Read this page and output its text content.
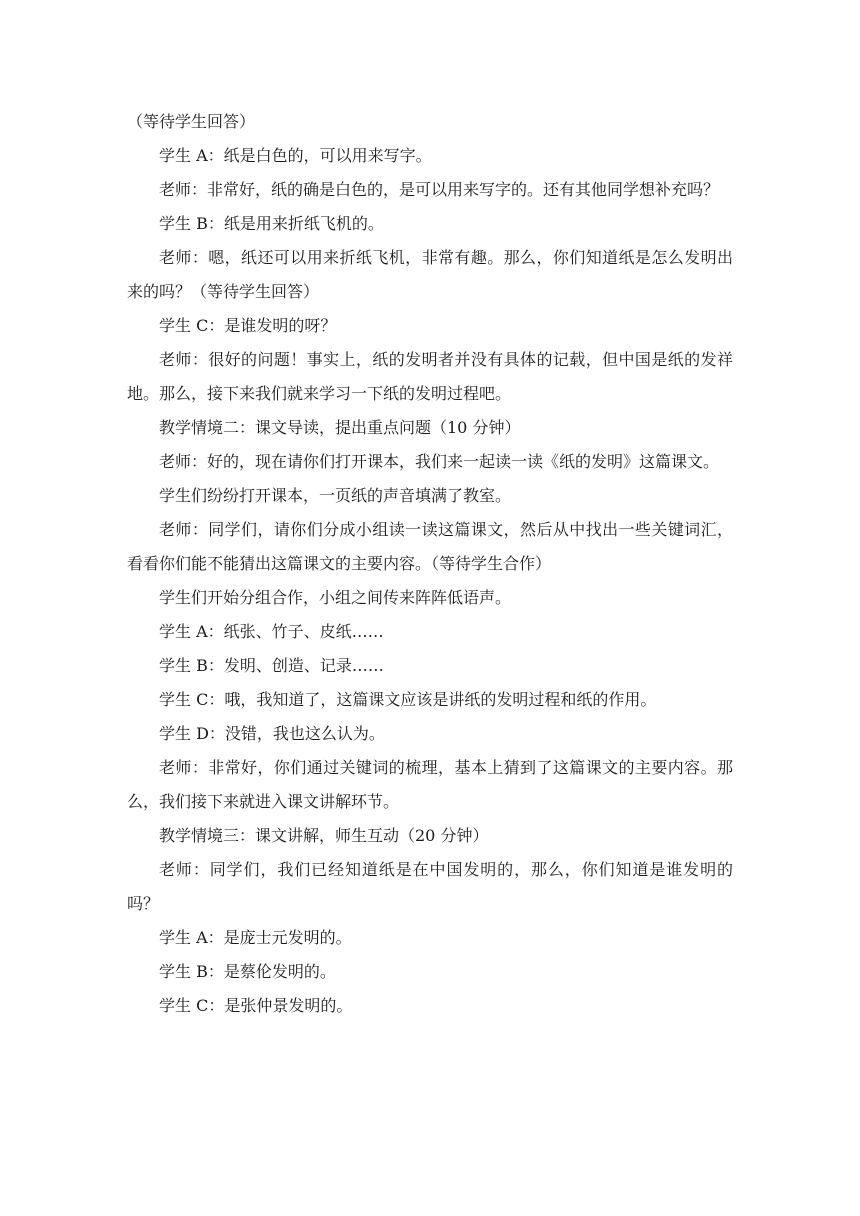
（等待学生回答）

学生 A：纸是白色的，可以用来写字。

老师：非常好，纸的确是白色的，是可以用来写字的。还有其他同学想补充吗？

学生 B：纸是用来折纸飞机的。

老师：嗯，纸还可以用来折纸飞机，非常有趣。那么，你们知道纸是怎么发明出来的吗？（等待学生回答）

学生 C：是谁发明的呀？

老师：很好的问题！事实上，纸的发明者并没有具体的记载，但中国是纸的发祥地。那么，接下来我们就来学习一下纸的发明过程吧。

教学情境二：课文导读，提出重点问题（10 分钟）

老师：好的，现在请你们打开课本，我们来一起读一读《纸的发明》这篇课文。

学生们纷纷打开课本，一页纸的声音填满了教室。

老师：同学们，请你们分成小组读一读这篇课文，然后从中找出一些关键词汇，看看你们能不能猜出这篇课文的主要内容。（等待学生合作）

学生们开始分组合作，小组之间传来阵阵低语声。

学生 A：纸张、竹子、皮纸……

学生 B：发明、创造、记录……

学生 C：哦，我知道了，这篇课文应该是讲纸的发明过程和纸的作用。

学生 D：没错，我也这么认为。

老师：非常好，你们通过关键词的梳理，基本上猜到了这篇课文的主要内容。那么，我们接下来就进入课文讲解环节。

教学情境三：课文讲解，师生互动（20 分钟）

老师：同学们，我们已经知道纸是在中国发明的，那么，你们知道是谁发明的吗？

学生 A：是庞士元发明的。

学生 B：是蔡伦发明的。

学生 C：是张仲景发明的。
